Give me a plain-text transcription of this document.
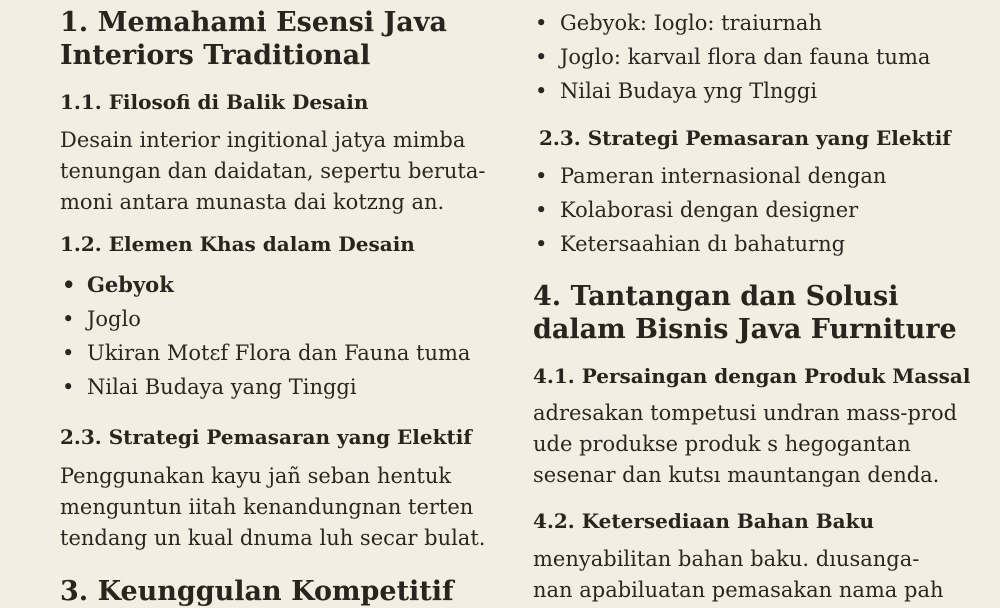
1. Memahami Esensi Java
Interiors Traditional
1.1. Filosofi di Balik Desain

Desain interior ingitional jatya mimba
tenungan dan daidatan, sepertu beruta-
moni antara munasta dai kotzng an.

1.2. Elemen Khas dalam Desain
• Gebyok
• Joglo
• Ukiran Motɛf Flora dan Fauna tuma
• Nilai Budaya yang Tinggi
2.3. Strategi Pemasaran yang Elektif

Penggunakan kayu jañ seban hentuk
menguntun iitah kenandungnan terten
tendang un kual dnuma luh secar bulat.

3. Keunggulan Kompetitif
• Gebyok: Ioglo: traiurnah
• Joglo: karvaıl flora dan fauna tuma
• Nilai Budaya yng Tlnggi
2.3. Strategi Pemasaran yang Elektif
• Pameran internasional dengan
• Kolaborasi dengan designer
• Ketersaahian dı bahaturng
4. Tantangan dan Solusi
dalam Bisnis Java Furniture
4.1. Persaingan dengan Produk Massal

adresakan tompetusi undran mass-prod
ude produkse produk s hegogantan
sesenar dan kutsı mauntangan denda.

4.2. Ketersediaan Bahan Baku

menyabilitan bahan baku. dıusanga-
nan apabiluatan pemasakan nama pah
